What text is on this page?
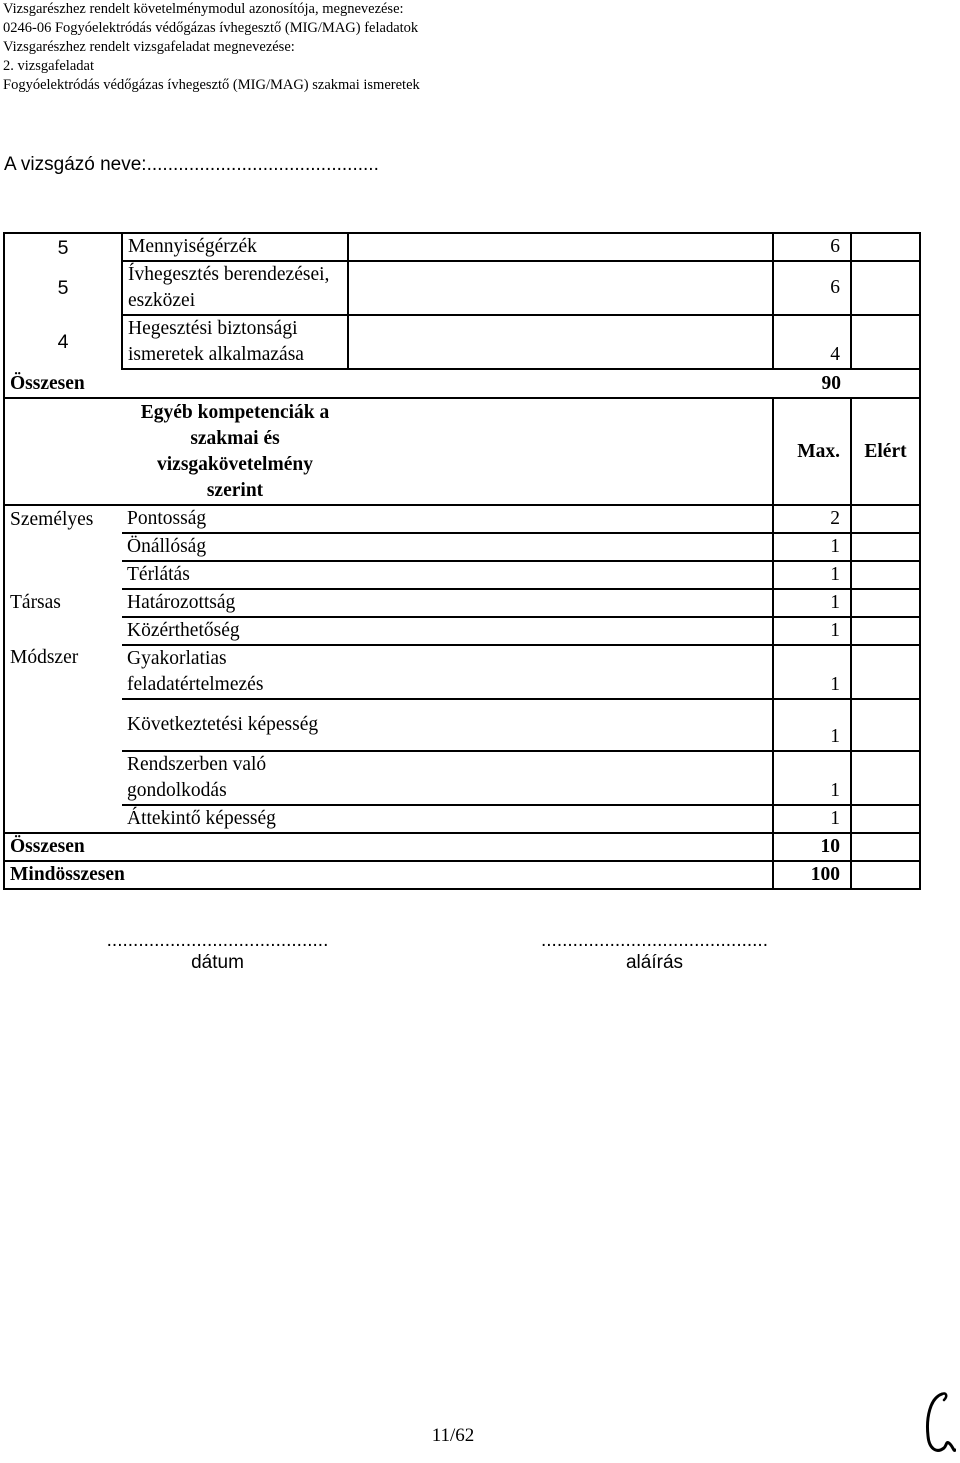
Vizsgarészhez rendelt követelménymodul azonosítója, megnevezése:
0246-06 Fogyóelektródás védőgázas ívhegesztő (MIG/MAG) feladatok
Vizsgarészhez rendelt vizsgafeladat megnevezése:
2. vizsgafeladat
Fogyóelektródás védőgázas ívhegesztő (MIG/MAG) szakmai ismeretek
A vizsgázó neve:............................................
5	Mennyiségérzék		6	
5	Ívhegesztés berendezései, eszközei		6	
4	Hegesztési biztonsági ismeretek alkalmazása		4	
Összesen			90	
	Egyéb kompetenciák a szakmai és vizsgakövetelmény szerint		Max.	Elért
Személyes	Pontosság		2	
	Önállóság		1	
	Térlátás		1	
Társas	Határozottság		1	
	Közérthetőség		1	
Módszer	Gyakorlatias feladatértelmezés		1	
	Következtetési képesség		1	
	Rendszerben való gondolkodás		1	
	Áttekintő képesség		1	
Összesen			10	
Mindösszesen			100	
..........................................
dátum
...........................................
aláírás
11/62
